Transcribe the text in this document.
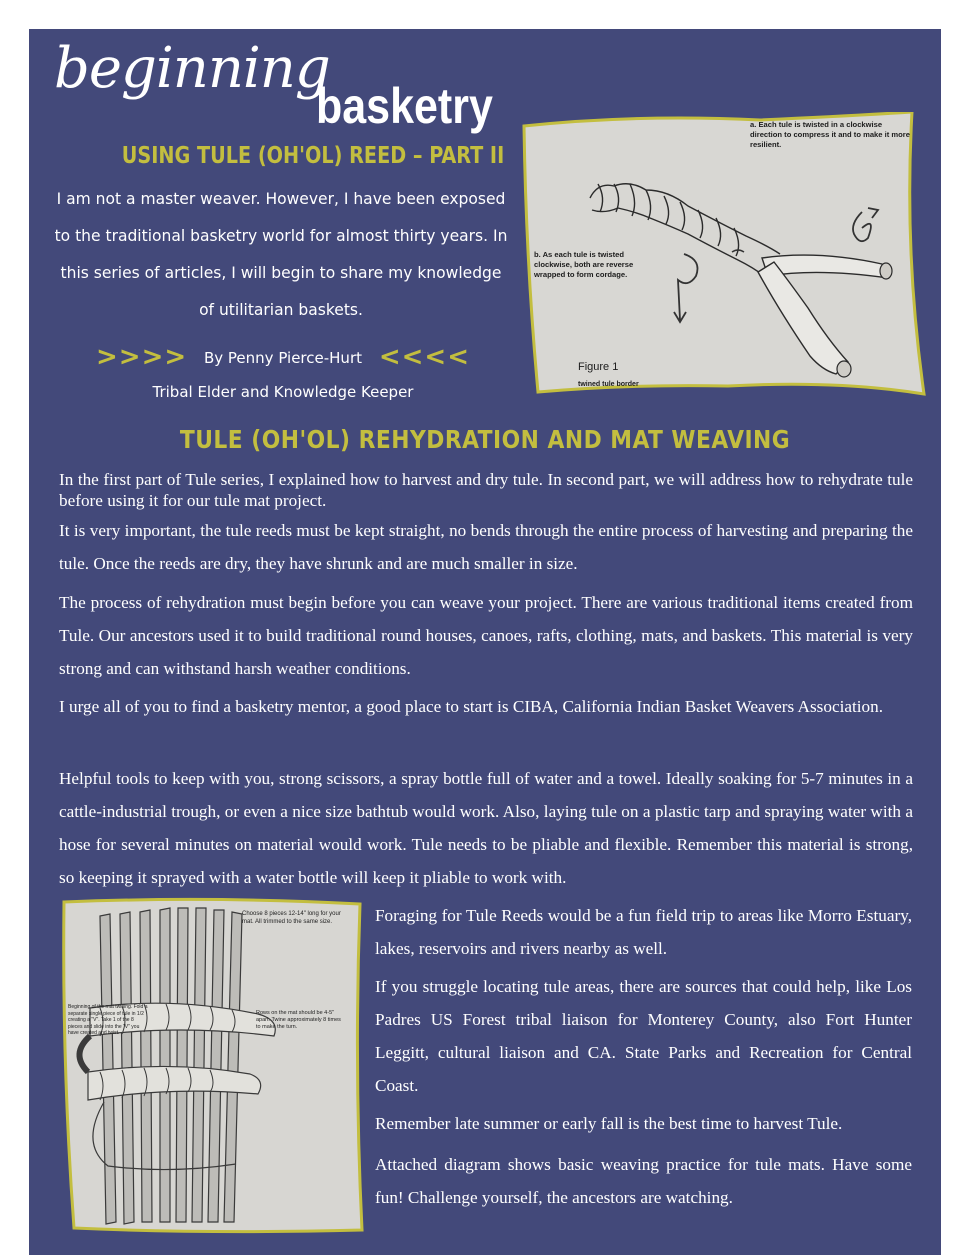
beginning
basketry
USING TULE (OH'OL) REED – PART II

I am not a master weaver. However, I have been exposed to the traditional basketry world for almost thirty years. In this series of articles, I will begin to share my knowledge of utilitarian baskets.

>>>>	By Penny Pierce-Hurt <<<<
Tribal Elder and Knowledge Keeper
a. Each tule is twisted in a clockwise direction to compress it and to make it more resilient.
b. As each tule is twisted clockwise, both are reverse wrapped to form cordage.
Figure 1
twined tule border
TULE (OH'OL) REHYDRATION AND MAT WEAVING

In the first part of Tule series, I explained how to harvest and dry tule. In second part, we will address how to rehydrate tule before using it for our tule mat project.

It is very important, the tule reeds must be kept straight, no bends through the entire process of harvesting and preparing the tule. Once the reeds are dry, they have shrunk and are much smaller in size.

The process of rehydration must begin before you can weave your project. There are various traditional items created from Tule. Our ancestors used it to build traditional round houses, canoes, rafts, clothing, mats, and baskets. This material is very strong and can withstand harsh weather conditions.

I urge all of you to find a basketry mentor, a good place to start is CIBA, California Indian Basket Weavers Association.

Helpful tools to keep with you, strong scissors, a spray bottle full of water and a towel. Ideally soaking for 5-7 minutes in a cattle-industrial trough, or even a nice size bathtub would work. Also, laying tule on a plastic tarp and spraying water with a hose for several minutes on material would work. Tule needs to be pliable and flexible. Remember this material is strong, so keeping it sprayed with a water bottle will keep it pliable to work with.

Choose 8 pieces 12-14" long for your mat. All trimmed to the same size.
Beginning of the mat twining. Fold a separate single piece of tule in 1/2 creating a "V". Take 1 of the 8 pieces and slide into the "V" you have created and twist.
Rows on the mat should be 4-5" apart. Twine approximately 8 times to make the turn.

Foraging for Tule Reeds would be a fun field trip to areas like Morro Estuary, lakes, reservoirs and rivers nearby as well.

If you struggle locating tule areas, there are sources that could help, like Los Padres US Forest tribal liaison for Monterey County, also Fort Hunter Leggitt, cultural liaison and CA. State Parks and Recreation for Central Coast.

Remember late summer or early fall is the best time to harvest Tule.

Attached diagram shows basic weaving practice for tule mats. Have some fun! Challenge yourself, the ancestors are watching.
